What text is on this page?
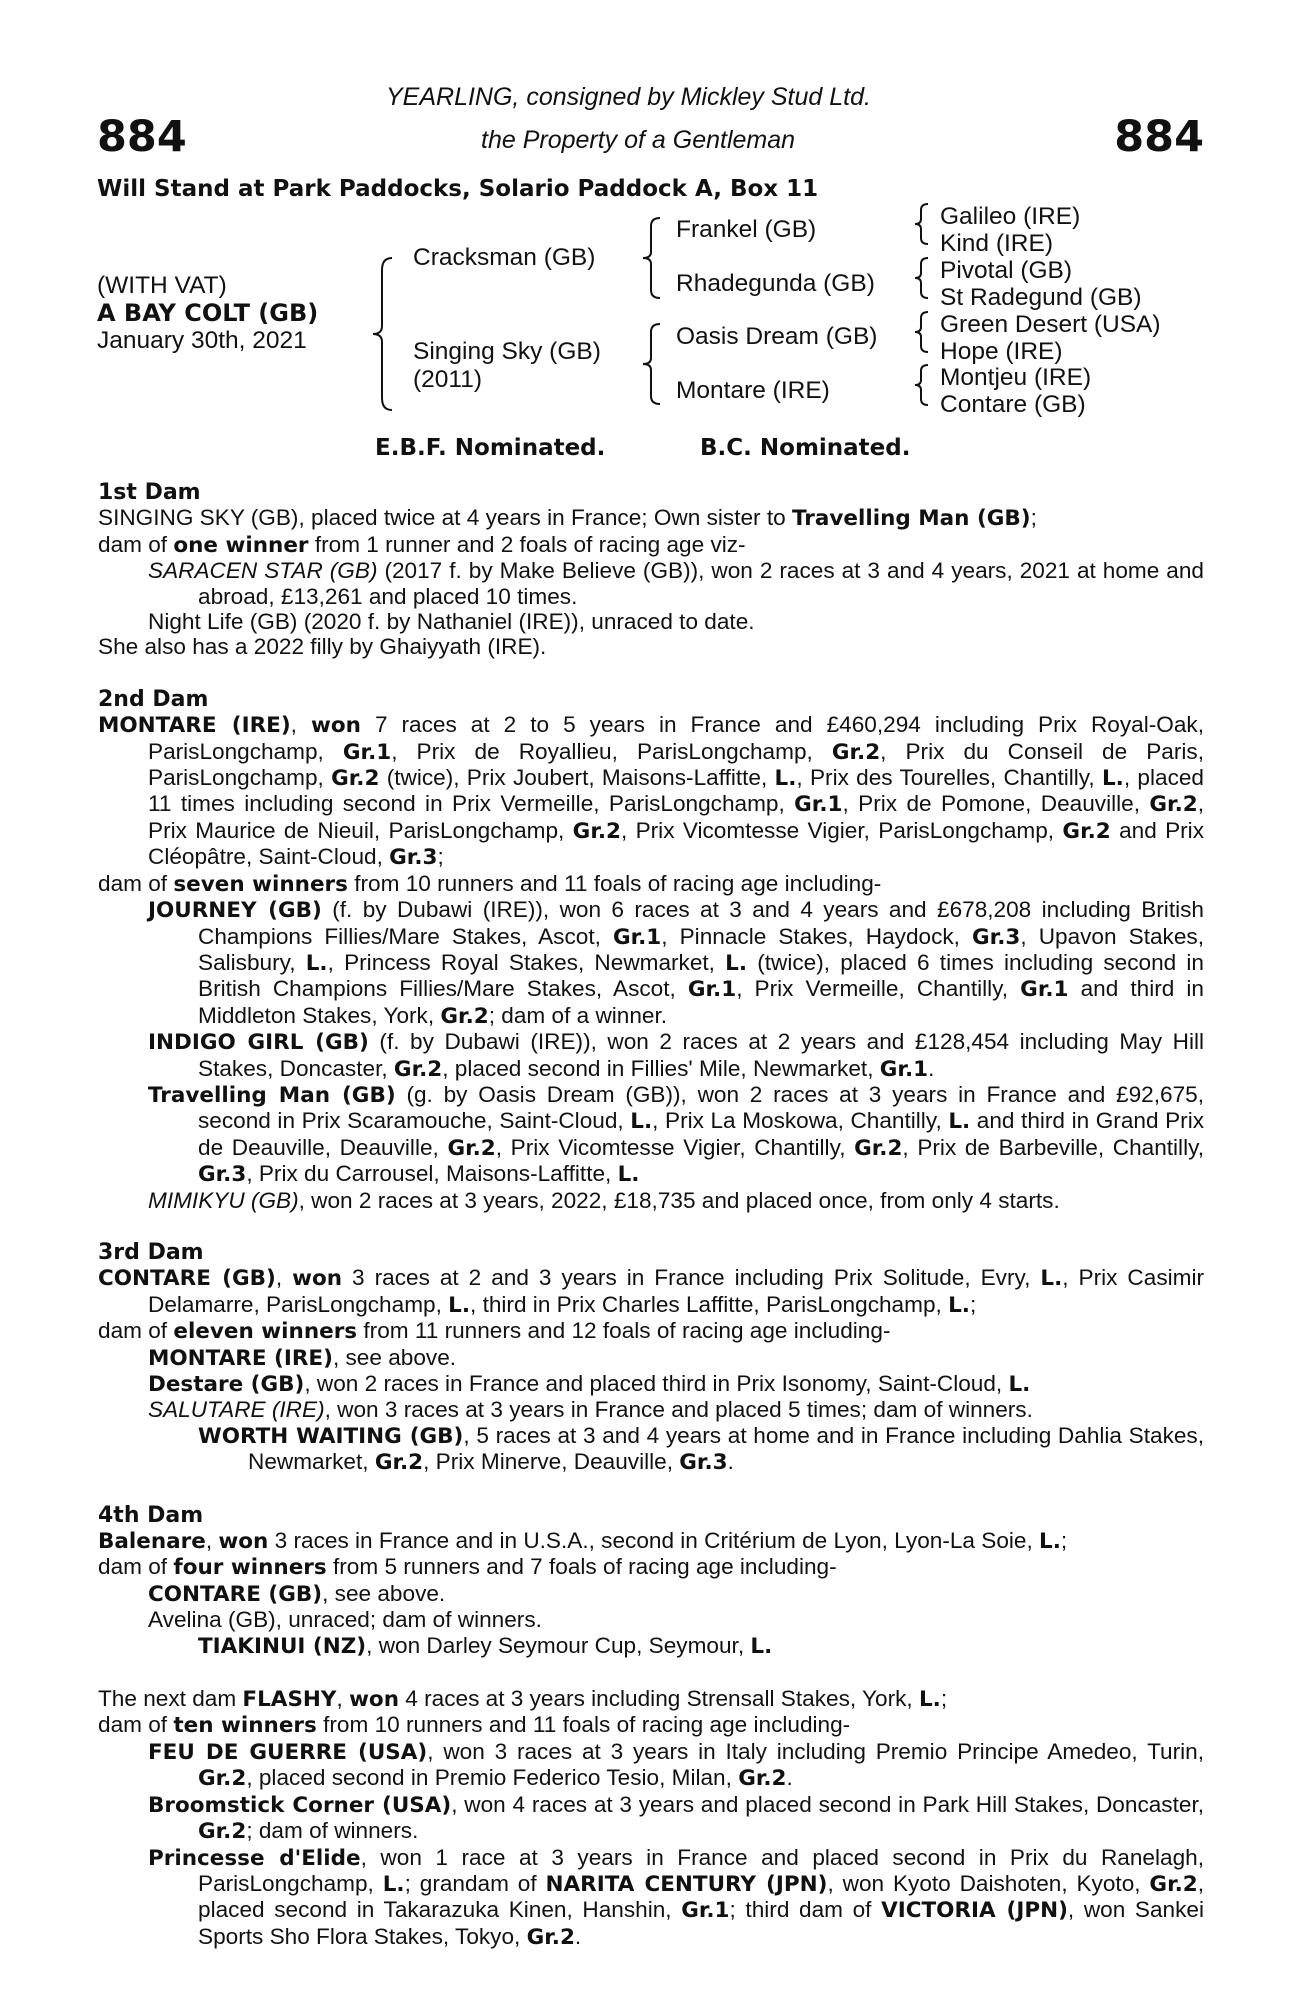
884	884
YEARLING, consigned by Mickley Stud Ltd.
the Property of a Gentleman
Will Stand at Park Paddocks, Solario Paddock A, Box 11
(WITH VAT)
A BAY COLT (GB)
January 30th, 2021
Cracksman (GB)
Singing Sky (GB)
(2011)
Frankel (GB)
Rhadegunda (GB)
Oasis Dream (GB)
Montare (IRE)
Galileo (IRE)
Kind (IRE)
Pivotal (GB)
St Radegund (GB)
Green Desert (USA)
Hope (IRE)
Montjeu (IRE)
Contare (GB)
E.B.F. Nominated.	B.C. Nominated.

1st Dam

SINGING SKY (GB), placed twice at 4 years in France; Own sister to Travelling Man (GB);

dam of one winner from 1 runner and 2 foals of racing age viz-

SARACEN STAR (GB) (2017 f. by Make Believe (GB)), won 2 races at 3 and 4 years, 2021 at home and abroad, £13,261 and placed 10 times.

Night Life (GB) (2020 f. by Nathaniel (IRE)), unraced to date.

She also has a 2022 filly by Ghaiyyath (IRE).

2nd Dam

MONTARE (IRE), won 7 races at 2 to 5 years in France and £460,294 including Prix Royal-Oak, ParisLongchamp, Gr.1, Prix de Royallieu, ParisLongchamp, Gr.2, Prix du Conseil de Paris, ParisLongchamp, Gr.2 (twice), Prix Joubert, Maisons-Laffitte, L., Prix des Tourelles, Chantilly, L., placed 11 times including second in Prix Vermeille, ParisLongchamp, Gr.1, Prix de Pomone, Deauville, Gr.2, Prix Maurice de Nieuil, ParisLongchamp, Gr.2, Prix Vicomtesse Vigier, ParisLongchamp, Gr.2 and Prix Cléopâtre, Saint-Cloud, Gr.3;

dam of seven winners from 10 runners and 11 foals of racing age including-

JOURNEY (GB) (f. by Dubawi (IRE)), won 6 races at 3 and 4 years and £678,208 including British Champions Fillies/Mare Stakes, Ascot, Gr.1, Pinnacle Stakes, Haydock, Gr.3, Upavon Stakes, Salisbury, L., Princess Royal Stakes, Newmarket, L. (twice), placed 6 times including second in British Champions Fillies/Mare Stakes, Ascot, Gr.1, Prix Vermeille, Chantilly, Gr.1 and third in Middleton Stakes, York, Gr.2; dam of a winner.

INDIGO GIRL (GB) (f. by Dubawi (IRE)), won 2 races at 2 years and £128,454 including May Hill Stakes, Doncaster, Gr.2, placed second in Fillies' Mile, Newmarket, Gr.1.

Travelling Man (GB) (g. by Oasis Dream (GB)), won 2 races at 3 years in France and £92,675, second in Prix Scaramouche, Saint-Cloud, L., Prix La Moskowa, Chantilly, L. and third in Grand Prix de Deauville, Deauville, Gr.2, Prix Vicomtesse Vigier, Chantilly, Gr.2, Prix de Barbeville, Chantilly, Gr.3, Prix du Carrousel, Maisons-Laffitte, L.

MIMIKYU (GB), won 2 races at 3 years, 2022, £18,735 and placed once, from only 4 starts.

3rd Dam

CONTARE (GB), won 3 races at 2 and 3 years in France including Prix Solitude, Evry, L., Prix Casimir Delamarre, ParisLongchamp, L., third in Prix Charles Laffitte, ParisLongchamp, L.;

dam of eleven winners from 11 runners and 12 foals of racing age including-

MONTARE (IRE), see above.

Destare (GB), won 2 races in France and placed third in Prix Isonomy, Saint-Cloud, L.

SALUTARE (IRE), won 3 races at 3 years in France and placed 5 times; dam of winners.

WORTH WAITING (GB), 5 races at 3 and 4 years at home and in France including Dahlia Stakes, Newmarket, Gr.2, Prix Minerve, Deauville, Gr.3.

4th Dam

Balenare, won 3 races in France and in U.S.A., second in Critérium de Lyon, Lyon-La Soie, L.;

dam of four winners from 5 runners and 7 foals of racing age including-

CONTARE (GB), see above.

Avelina (GB), unraced; dam of winners.

TIAKINUI (NZ), won Darley Seymour Cup, Seymour, L.

The next dam FLASHY, won 4 races at 3 years including Strensall Stakes, York, L.;

dam of ten winners from 10 runners and 11 foals of racing age including-

FEU DE GUERRE (USA), won 3 races at 3 years in Italy including Premio Principe Amedeo, Turin, Gr.2, placed second in Premio Federico Tesio, Milan, Gr.2.

Broomstick Corner (USA), won 4 races at 3 years and placed second in Park Hill Stakes, Doncaster, Gr.2; dam of winners.

Princesse d'Elide, won 1 race at 3 years in France and placed second in Prix du Ranelagh, ParisLongchamp, L.; grandam of NARITA CENTURY (JPN), won Kyoto Daishoten, Kyoto, Gr.2, placed second in Takarazuka Kinen, Hanshin, Gr.1; third dam of VICTORIA (JPN), won Sankei Sports Sho Flora Stakes, Tokyo, Gr.2.
